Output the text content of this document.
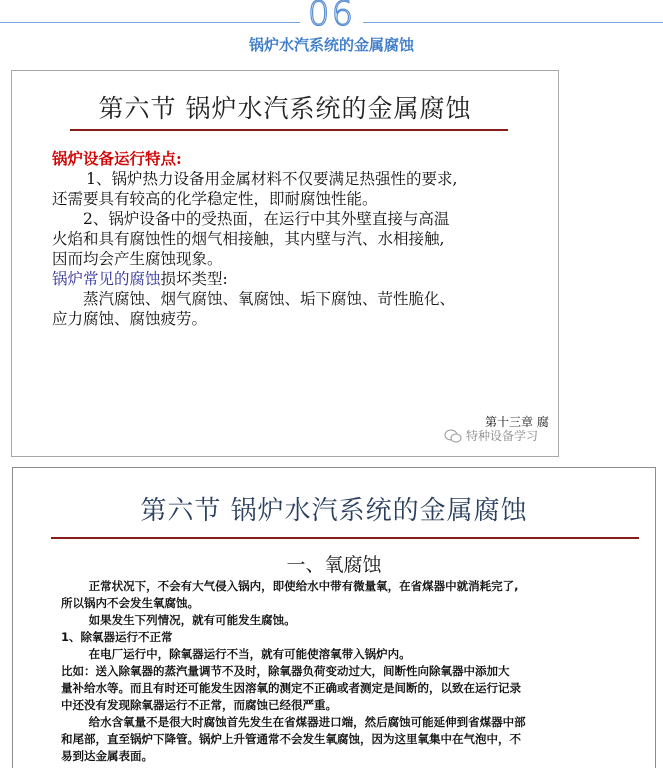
06
锅炉水汽系统的金属腐蚀
第六节 锅炉水汽系统的金属腐蚀

锅炉设备运行特点:

1、锅炉热力设备用金属材料不仅要满足热强性的要求,

还需要具有较高的化学稳定性，即耐腐蚀性能。

2、锅炉设备中的受热面，在运行中其外壁直接与高温

火焰和具有腐蚀性的烟气相接触，其内壁与汽、水相接触,

因而均会产生腐蚀现象。

锅炉常见的腐蚀损坏类型:

蒸汽腐蚀、烟气腐蚀、氧腐蚀、垢下腐蚀、苛性脆化、

应力腐蚀、腐蚀疲劳。

第十三章 腐
特种设备学习
第六节 锅炉水汽系统的金属腐蚀
一、氧腐蚀

正常状况下，不会有大气侵入锅内，即使给水中带有微量氧，在省煤器中就消耗完了,

所以锅内不会发生氧腐蚀。

如果发生下列情况，就有可能发生腐蚀。

1、除氧器运行不正常

在电厂运行中，除氧器运行不当，就有可能使溶氧带入锅炉内。

比如：送入除氧器的蒸汽量调节不及时，除氧器负荷变动过大，间断性向除氧器中添加大

量补给水等。而且有时还可能发生因溶氧的测定不正确或者测定是间断的，以致在运行记录

中还没有发现除氧器运行不正常，而腐蚀已经很严重。

给水含氧量不是很大时腐蚀首先发生在省煤器进口端，然后腐蚀可能延伸到省煤器中部

和尾部，直至锅炉下降管。锅炉上升管通常不会发生氧腐蚀，因为这里氧集中在气泡中，不

易到达金属表面。
